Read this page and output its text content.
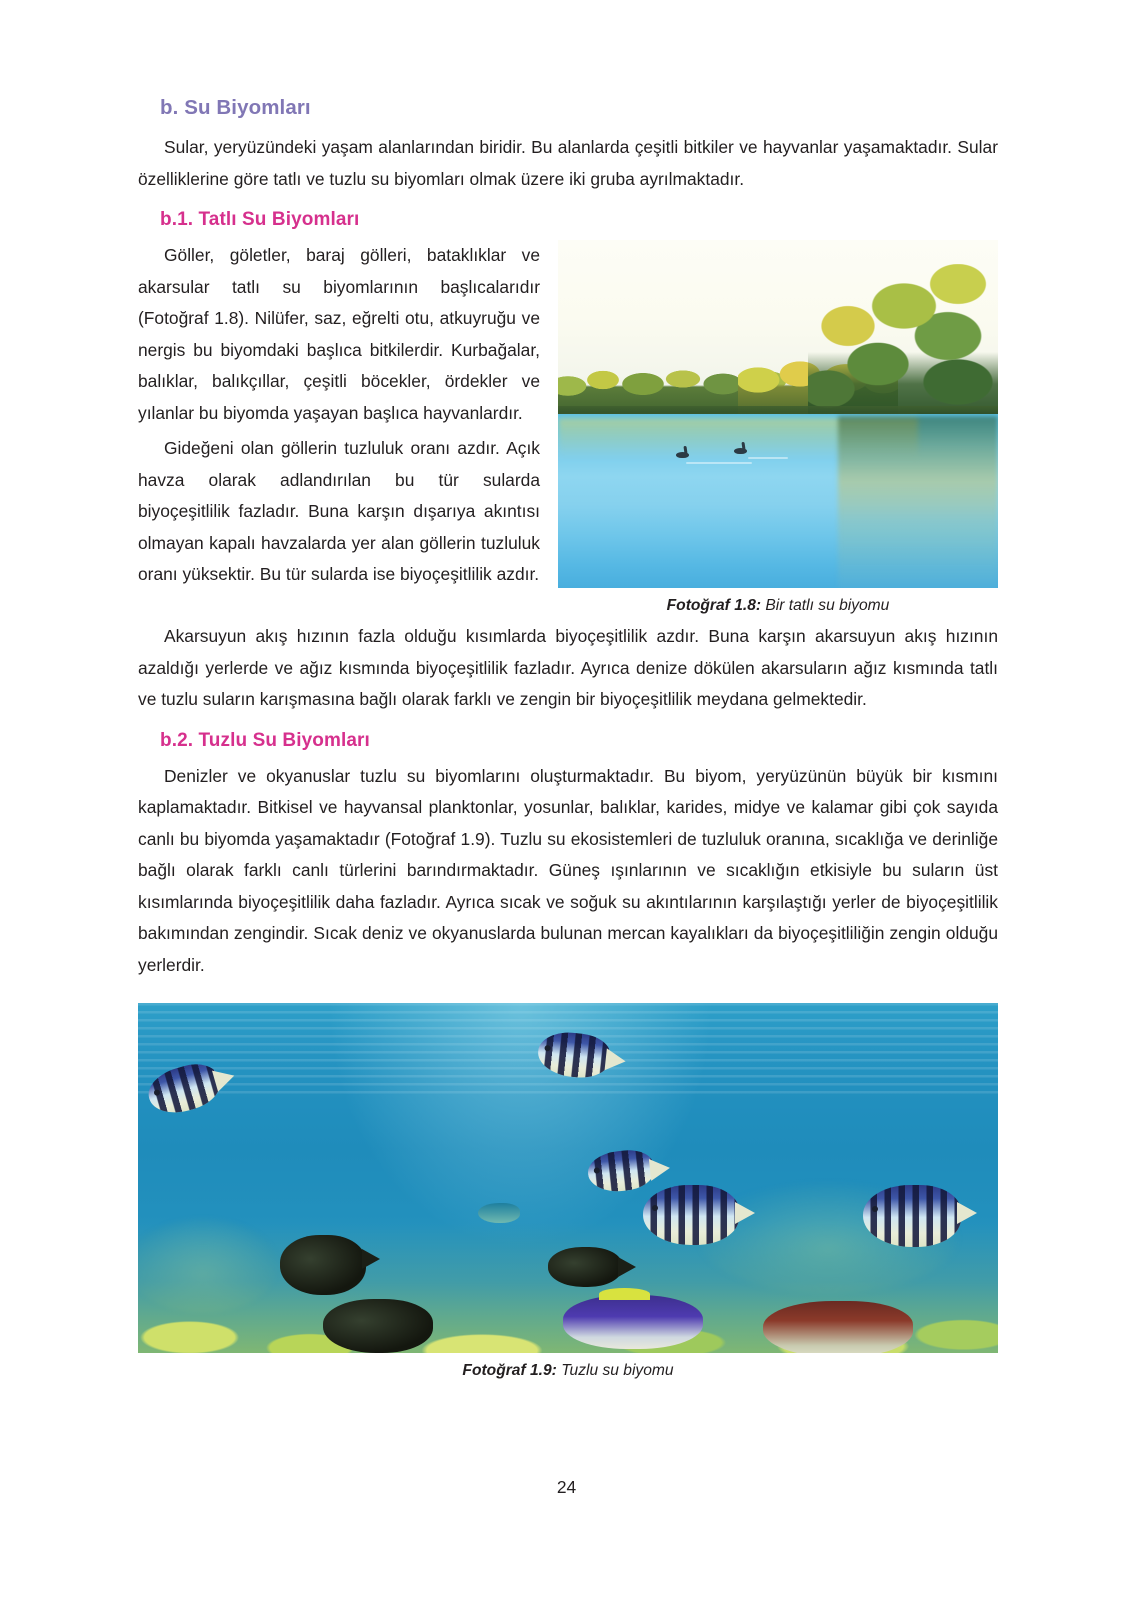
b. Su Biyomları

Sular, yeryüzündeki yaşam alanlarından biridir. Bu alanlarda çeşitli bitkiler ve hayvanlar yaşamaktadır. Sular özelliklerine göre tatlı ve tuzlu su biyomları olmak üzere iki gruba ayrılmaktadır.

b.1. Tatlı Su Biyomları
Fotoğraf 1.8: Bir tatlı su biyomu

Göller, göletler, baraj gölleri, bataklıklar ve akarsular tatlı su biyomlarının başlıcalarıdır (Fotoğraf 1.8). Nilüfer, saz, eğrelti otu, atkuyruğu ve nergis bu biyomdaki başlıca bitkilerdir. Kurbağalar, balıklar, balıkçıllar, çeşitli böcekler, ördekler ve yılanlar bu biyomda yaşayan başlıca hayvanlardır.

Gideğeni olan göllerin tuzluluk oranı azdır. Açık havza olarak adlandırılan bu tür sularda biyoçeşitlilik fazladır. Buna karşın dışarıya akıntısı olmayan kapalı havzalarda yer alan göllerin tuzluluk oranı yüksektir. Bu tür sularda ise biyoçeşitlilik azdır.

Akarsuyun akış hızının fazla olduğu kısımlarda biyoçeşitlilik azdır. Buna karşın akarsuyun akış hızının azaldığı yerlerde ve ağız kısmında biyoçeşitlilik fazladır. Ayrıca denize dökülen akarsuların ağız kısmında tatlı ve tuzlu suların karışmasına bağlı olarak farklı ve zengin bir biyoçeşitlilik meydana gelmektedir.

b.2. Tuzlu Su Biyomları

Denizler ve okyanuslar tuzlu su biyomlarını oluşturmaktadır. Bu biyom, yeryüzünün büyük bir kısmını kaplamaktadır. Bitkisel ve hayvansal planktonlar, yosunlar, balıklar, karides, midye ve kalamar gibi çok sayıda canlı bu biyomda yaşamaktadır (Fotoğraf 1.9). Tuzlu su ekosistemleri de tuzluluk oranına, sıcaklığa ve derinliğe bağlı olarak farklı canlı türlerini barındırmaktadır. Güneş ışınlarının ve sıcaklığın etkisiyle bu suların üst kısımlarında biyoçeşitlilik daha fazladır. Ayrıca sıcak ve soğuk su akıntılarının karşılaştığı yerler de biyoçeşitlilik bakımından zengindir. Sıcak deniz ve okyanuslarda bulunan mercan kayalıkları da biyoçeşitliliğin zengin olduğu yerlerdir.

Fotoğraf 1.9: Tuzlu su biyomu
24
